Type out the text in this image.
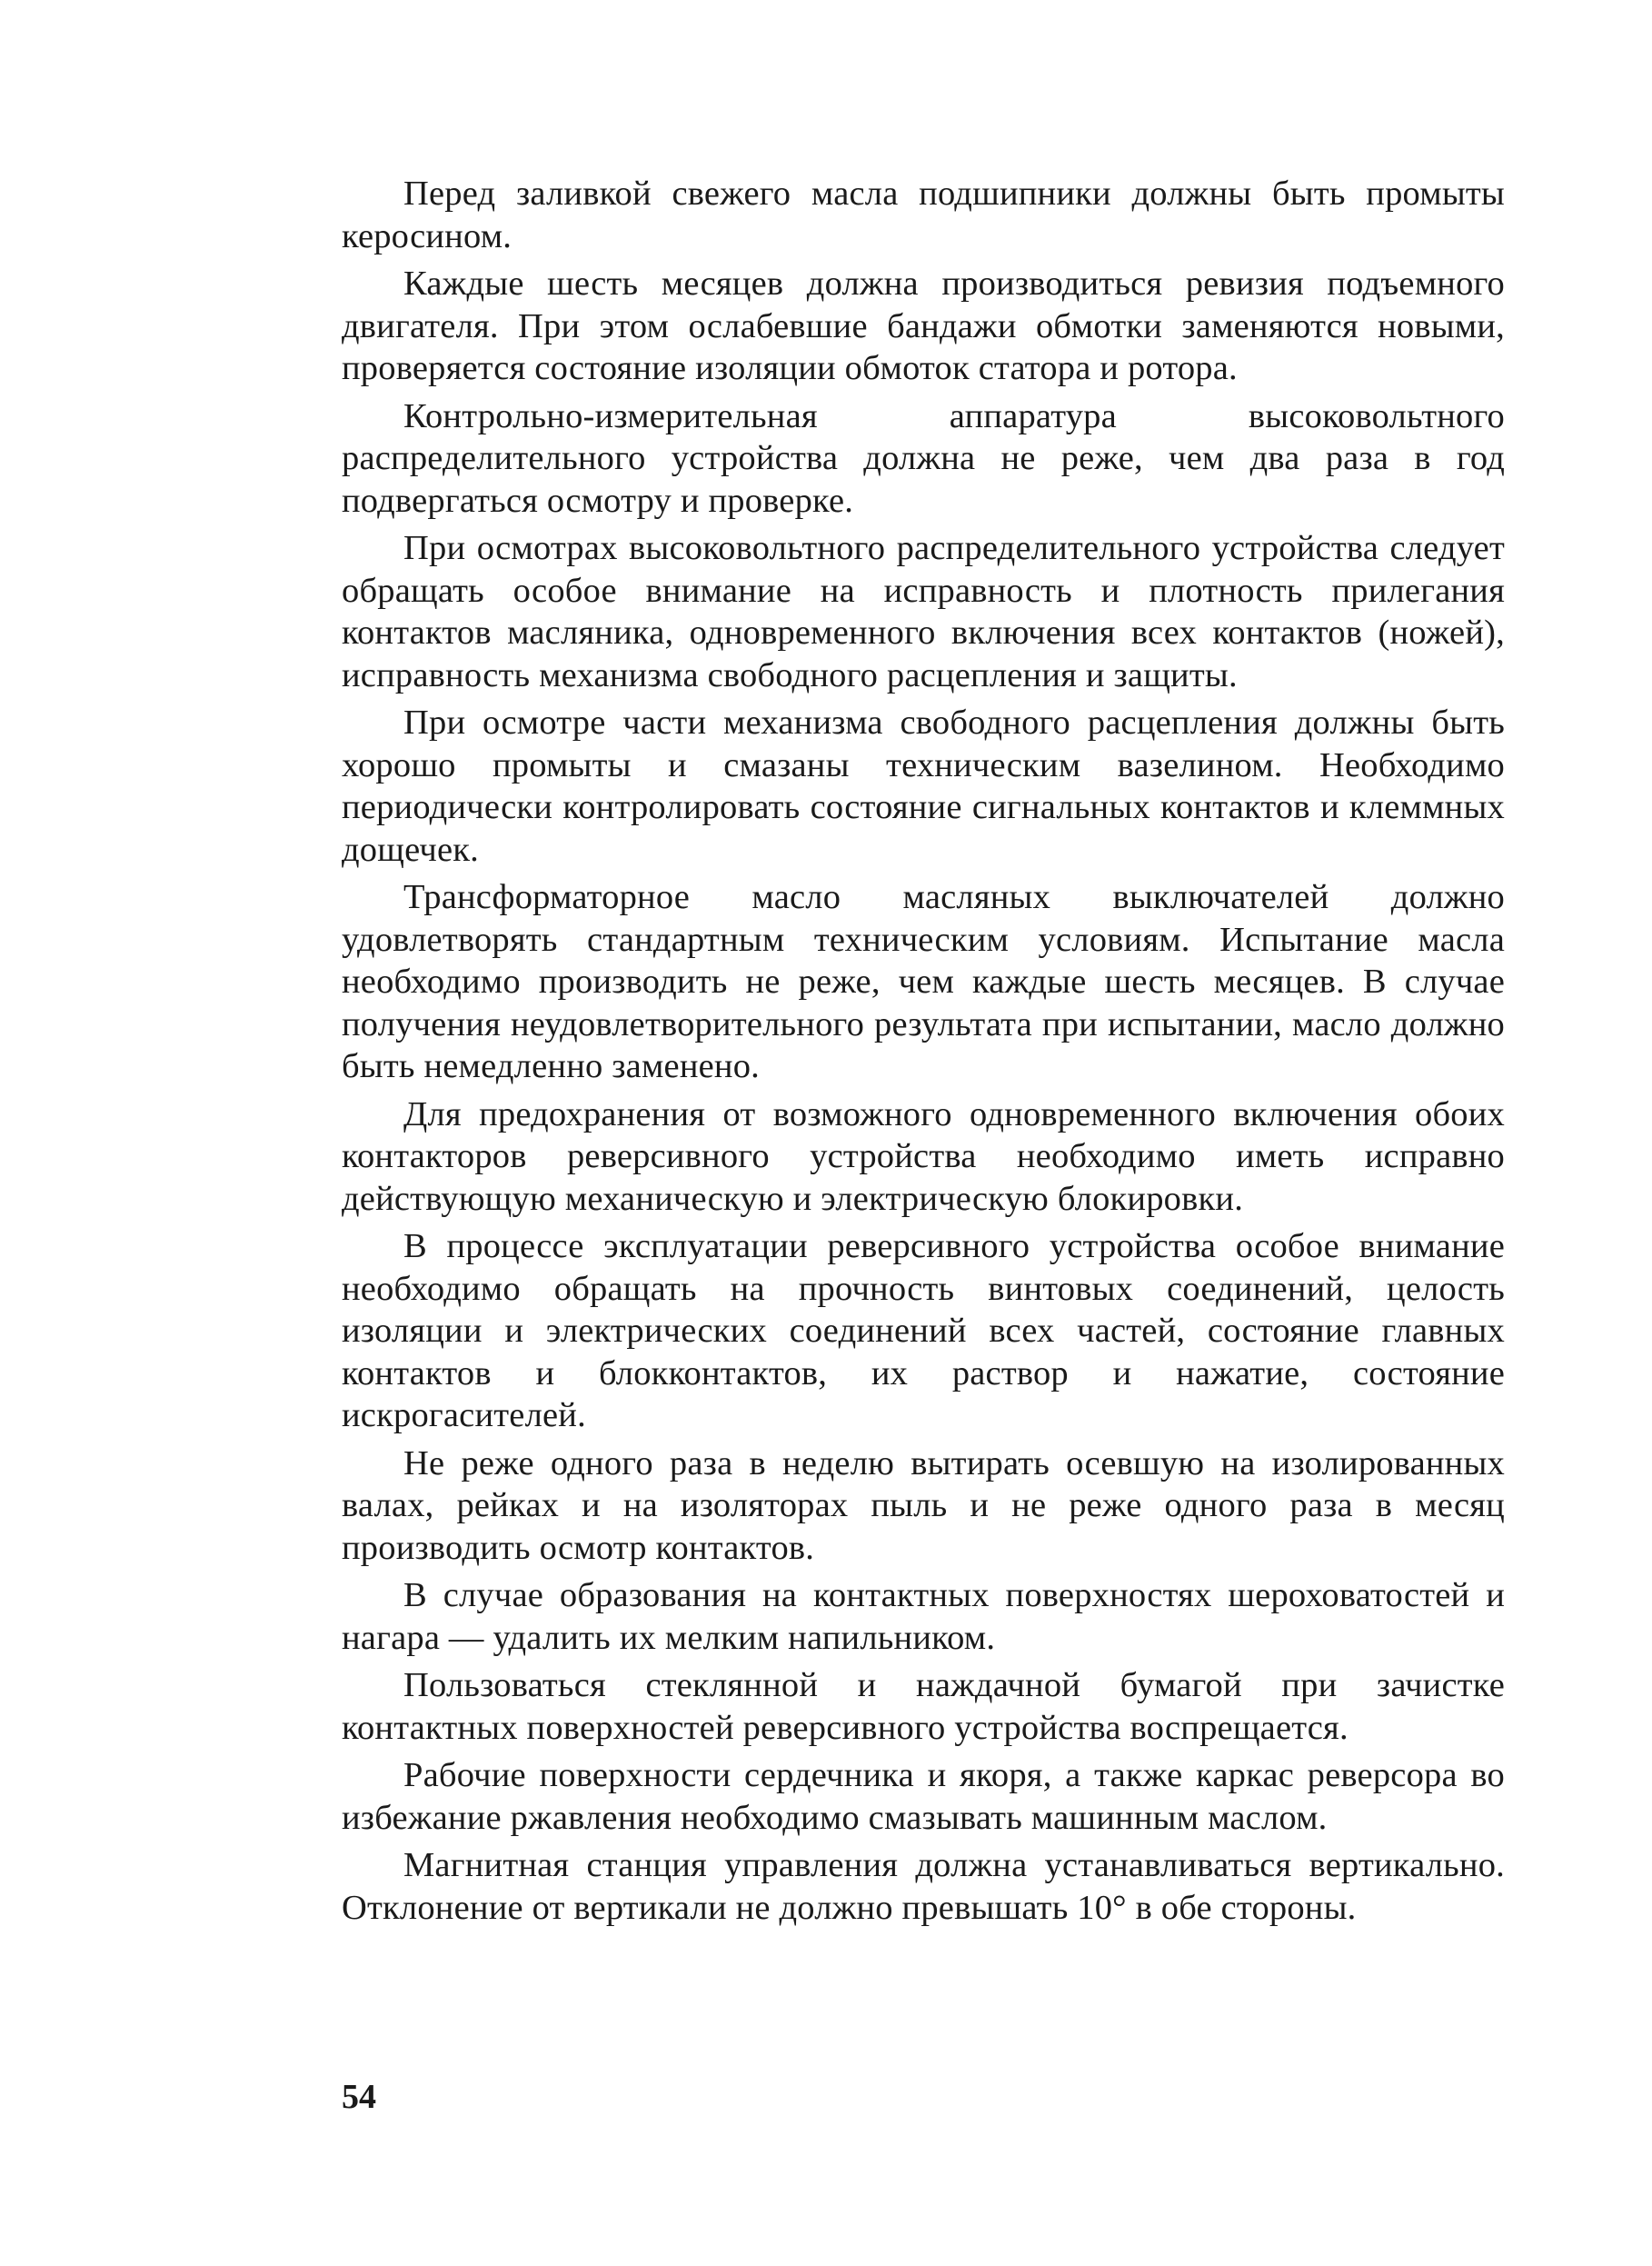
Перед заливкой свежего масла подшипники должны быть промыты керосином.

Каждые шесть месяцев должна производиться ревизия подъемного двигателя. При этом ослабевшие бандажи обмотки заменяются новыми, проверяется состояние изоляции обмоток статора и ротора.

Контрольно-измерительная аппаратура высоковольтного распределительного устройства должна не реже, чем два раза в год подвергаться осмотру и проверке.

При осмотрах высоковольтного распределительного устройства следует обращать особое внимание на исправность и плотность прилегания контактов масляника, одновременного включения всех контактов (ножей), исправность механизма свободного расцепления и защиты.

При осмотре части механизма свободного расцепления должны быть хорошо промыты и смазаны техническим вазелином. Необходимо периодически контролировать состояние сигнальных контактов и клеммных дощечек.

Трансформаторное масло масляных выключателей должно удовлетворять стандартным техническим условиям. Испытание масла необходимо производить не реже, чем каждые шесть месяцев. В случае получения неудовлетворительного результата при испытании, масло должно быть немедленно заменено.

Для предохранения от возможного одновременного включения обоих контакторов реверсивного устройства необходимо иметь исправно действующую механическую и электрическую блокировки.

В процессе эксплуатации реверсивного устройства особое внимание необходимо обращать на прочность винтовых соединений, целость изоляции и электрических соединений всех частей, состояние главных контактов и блокконтактов, их раствор и нажатие, состояние искрогасителей.

Не реже одного раза в неделю вытирать осевшую на изолированных валах, рейках и на изоляторах пыль и не реже одного раза в месяц производить осмотр контактов.

В случае образования на контактных поверхностях шероховатостей и нагара — удалить их мелким напильником.

Пользоваться стеклянной и наждачной бумагой при зачистке контактных поверхностей реверсивного устройства воспрещается.

Рабочие поверхности сердечника и якоря, а также каркас реверсора во избежание ржавления необходимо смазывать машинным маслом.

Магнитная станция управления должна устанавливаться вертикально. Отклонение от вертикали не должно превышать 10° в обе стороны.

54
